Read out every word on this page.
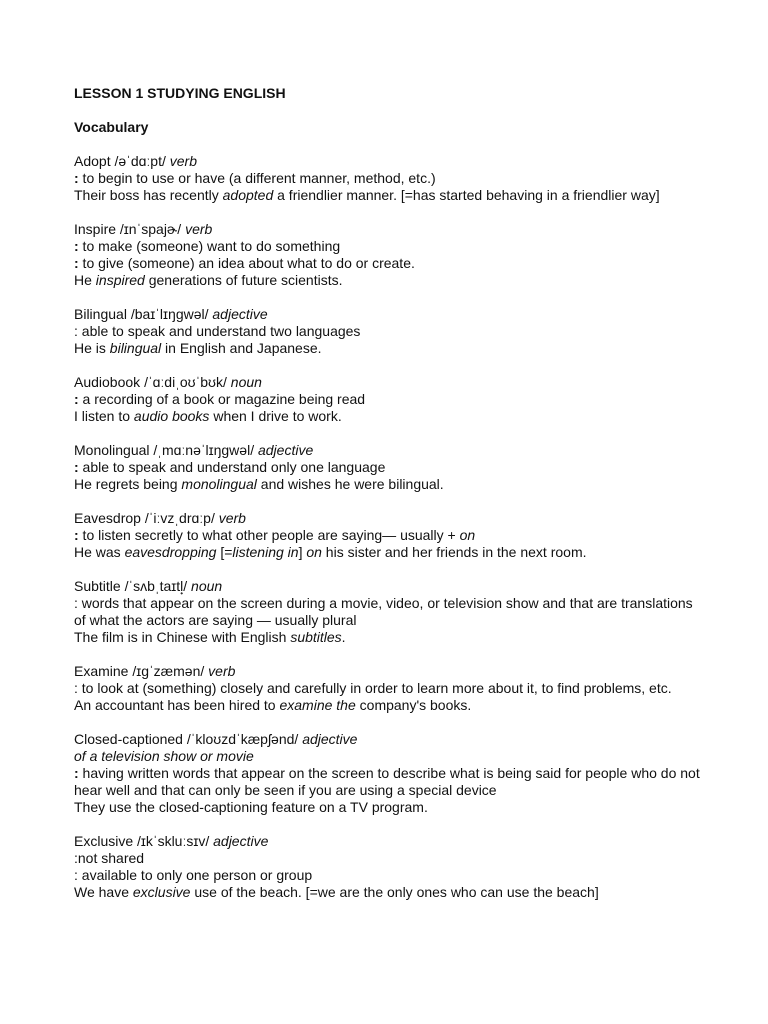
LESSON 1 STUDYING ENGLISH
Vocabulary
Adopt /əˈdɑːpt/ verb
: to begin to use or have (a different manner, method, etc.)
Their boss has recently adopted a friendlier manner. [=has started behaving in a friendlier way]
Inspire /ɪnˈspajɚ/ verb
: to make (someone) want to do something
: to give (someone) an idea about what to do or create.
He inspired generations of future scientists.
Bilingual /baɪˈlɪŋgwəl/ adjective
: able to speak and understand two languages
He is bilingual in English and Japanese.
Audiobook /ˈɑːdiˌoʊˈbʊk/ noun
: a recording of a book or magazine being read
I listen to audio books when I drive to work.
Monolingual /ˌmɑːnəˈlɪŋgwəl/ adjective
: able to speak and understand only one language
He regrets being monolingual and wishes he were bilingual.
Eavesdrop /ˈiːvzˌdrɑːp/ verb
: to listen secretly to what other people are saying— usually + on
He was eavesdropping [=listening in] on his sister and her friends in the next room.
Subtitle /ˈsʌbˌtaɪtl̟/ noun
: words that appear on the screen during a movie, video, or television show and that are translations of what the actors are saying — usually plural
The film is in Chinese with English subtitles.
Examine /ɪgˈzæmən/ verb
: to look at (something) closely and carefully in order to learn more about it, to find problems, etc.
An accountant has been hired to examine the company's books.
Closed-captioned /ˈkloʊzdˈkæpʃənd/ adjective
of a television show or movie
: having written words that appear on the screen to describe what is being said for people who do not hear well and that can only be seen if you are using a special device
They use the closed-captioning feature on a TV program.
Exclusive /ɪkˈskluːsɪv/ adjective
:not shared
: available to only one person or group
We have exclusive use of the beach. [=we are the only ones who can use the beach]
